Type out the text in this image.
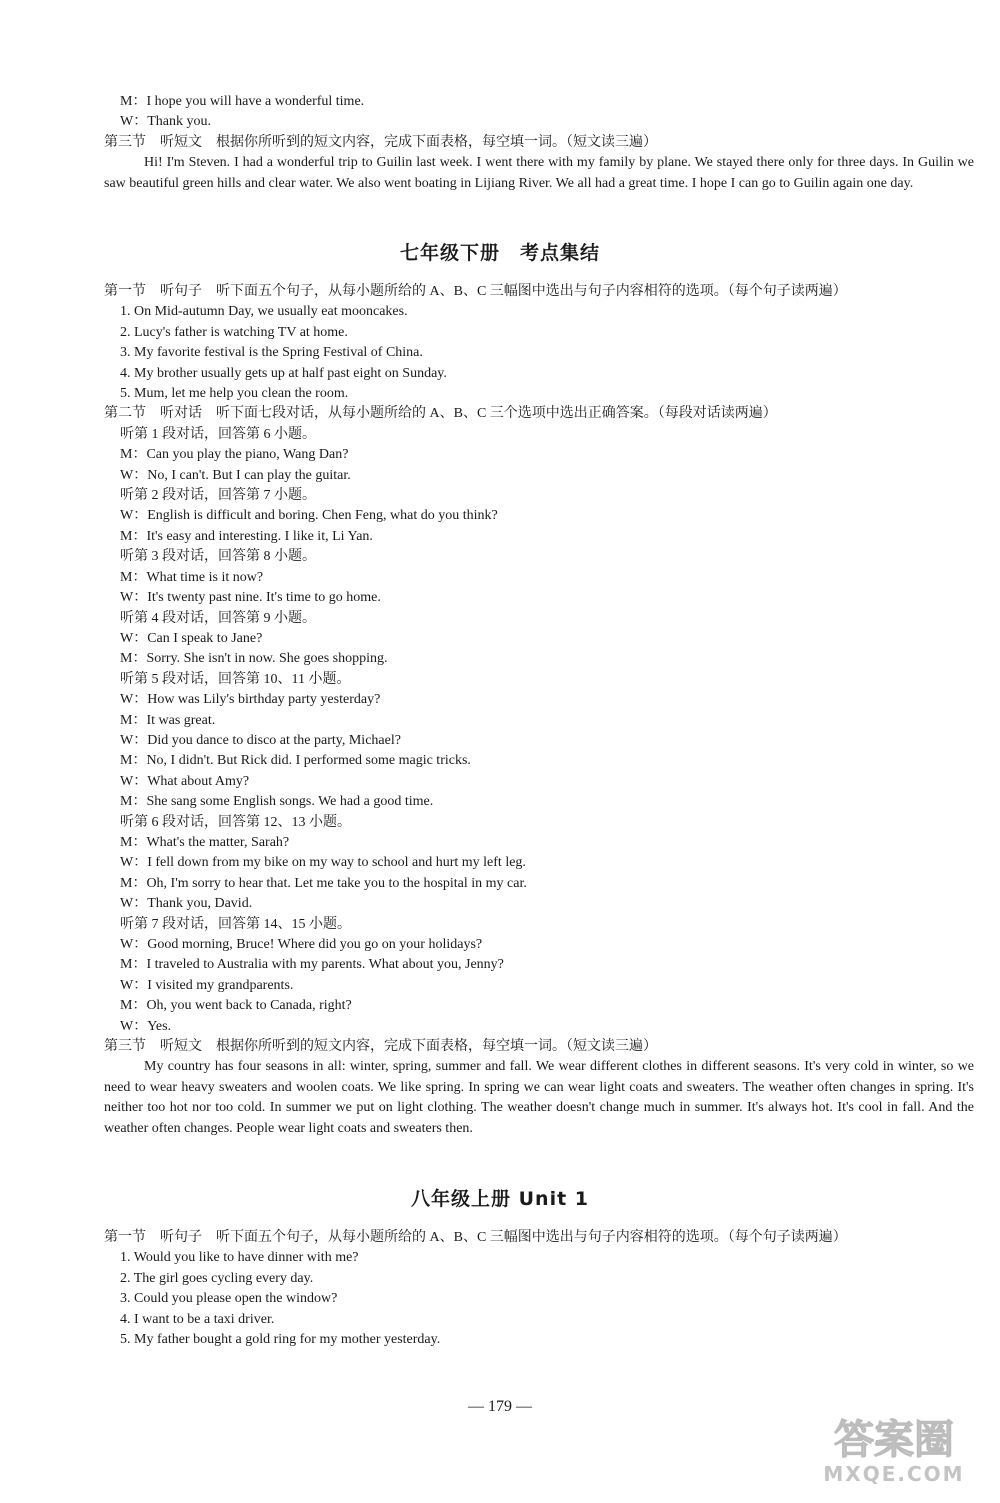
M：I hope you will have a wonderful time.
W：Thank you.
第三节　听短文　根据你所听到的短文内容，完成下面表格，每空填一词。（短文读三遍）
Hi! I'm Steven. I had a wonderful trip to Guilin last week. I went there with my family by plane. We stayed there only for three days. In Guilin we saw beautiful green hills and clear water. We also went boating in Lijiang River. We all had a great time. I hope I can go to Guilin again one day.
七年级下册　考点集结
第一节　听句子　听下面五个句子，从每小题所给的 A、B、C 三幅图中选出与句子内容相符的选项。（每个句子读两遍）
1. On Mid-autumn Day, we usually eat mooncakes.
2. Lucy's father is watching TV at home.
3. My favorite festival is the Spring Festival of China.
4. My brother usually gets up at half past eight on Sunday.
5. Mum, let me help you clean the room.
第二节　听对话　听下面七段对话，从每小题所给的 A、B、C 三个选项中选出正确答案。（每段对话读两遍）
听第 1 段对话，回答第 6 小题。
M：Can you play the piano, Wang Dan?
W：No, I can't. But I can play the guitar.
听第 2 段对话，回答第 7 小题。
W：English is difficult and boring. Chen Feng, what do you think?
M：It's easy and interesting. I like it, Li Yan.
听第 3 段对话，回答第 8 小题。
M：What time is it now?
W：It's twenty past nine. It's time to go home.
听第 4 段对话，回答第 9 小题。
W：Can I speak to Jane?
M：Sorry. She isn't in now. She goes shopping.
听第 5 段对话，回答第 10、11 小题。
W：How was Lily's birthday party yesterday?
M：It was great.
W：Did you dance to disco at the party, Michael?
M：No, I didn't. But Rick did. I performed some magic tricks.
W：What about Amy?
M：She sang some English songs. We had a good time.
听第 6 段对话，回答第 12、13 小题。
M：What's the matter, Sarah?
W：I fell down from my bike on my way to school and hurt my left leg.
M：Oh, I'm sorry to hear that. Let me take you to the hospital in my car.
W：Thank you, David.
听第 7 段对话，回答第 14、15 小题。
W：Good morning, Bruce! Where did you go on your holidays?
M：I traveled to Australia with my parents. What about you, Jenny?
W：I visited my grandparents.
M：Oh, you went back to Canada, right?
W：Yes.
第三节　听短文　根据你所听到的短文内容，完成下面表格，每空填一词。（短文读三遍）
My country has four seasons in all: winter, spring, summer and fall. We wear different clothes in different seasons. It's very cold in winter, so we need to wear heavy sweaters and woolen coats. We like spring. In spring we can wear light coats and sweaters. The weather often changes in spring. It's neither too hot nor too cold. In summer we put on light clothing. The weather doesn't change much in summer. It's always hot. It's cool in fall. And the weather often changes. People wear light coats and sweaters then.
八年级上册 Unit 1
第一节　听句子　听下面五个句子，从每小题所给的 A、B、C 三幅图中选出与句子内容相符的选项。（每个句子读两遍）
1. Would you like to have dinner with me?
2. The girl goes cycling every day.
3. Could you please open the window?
4. I want to be a taxi driver.
5. My father bought a gold ring for my mother yesterday.
— 179 —
答案圈
MXQE.COM
